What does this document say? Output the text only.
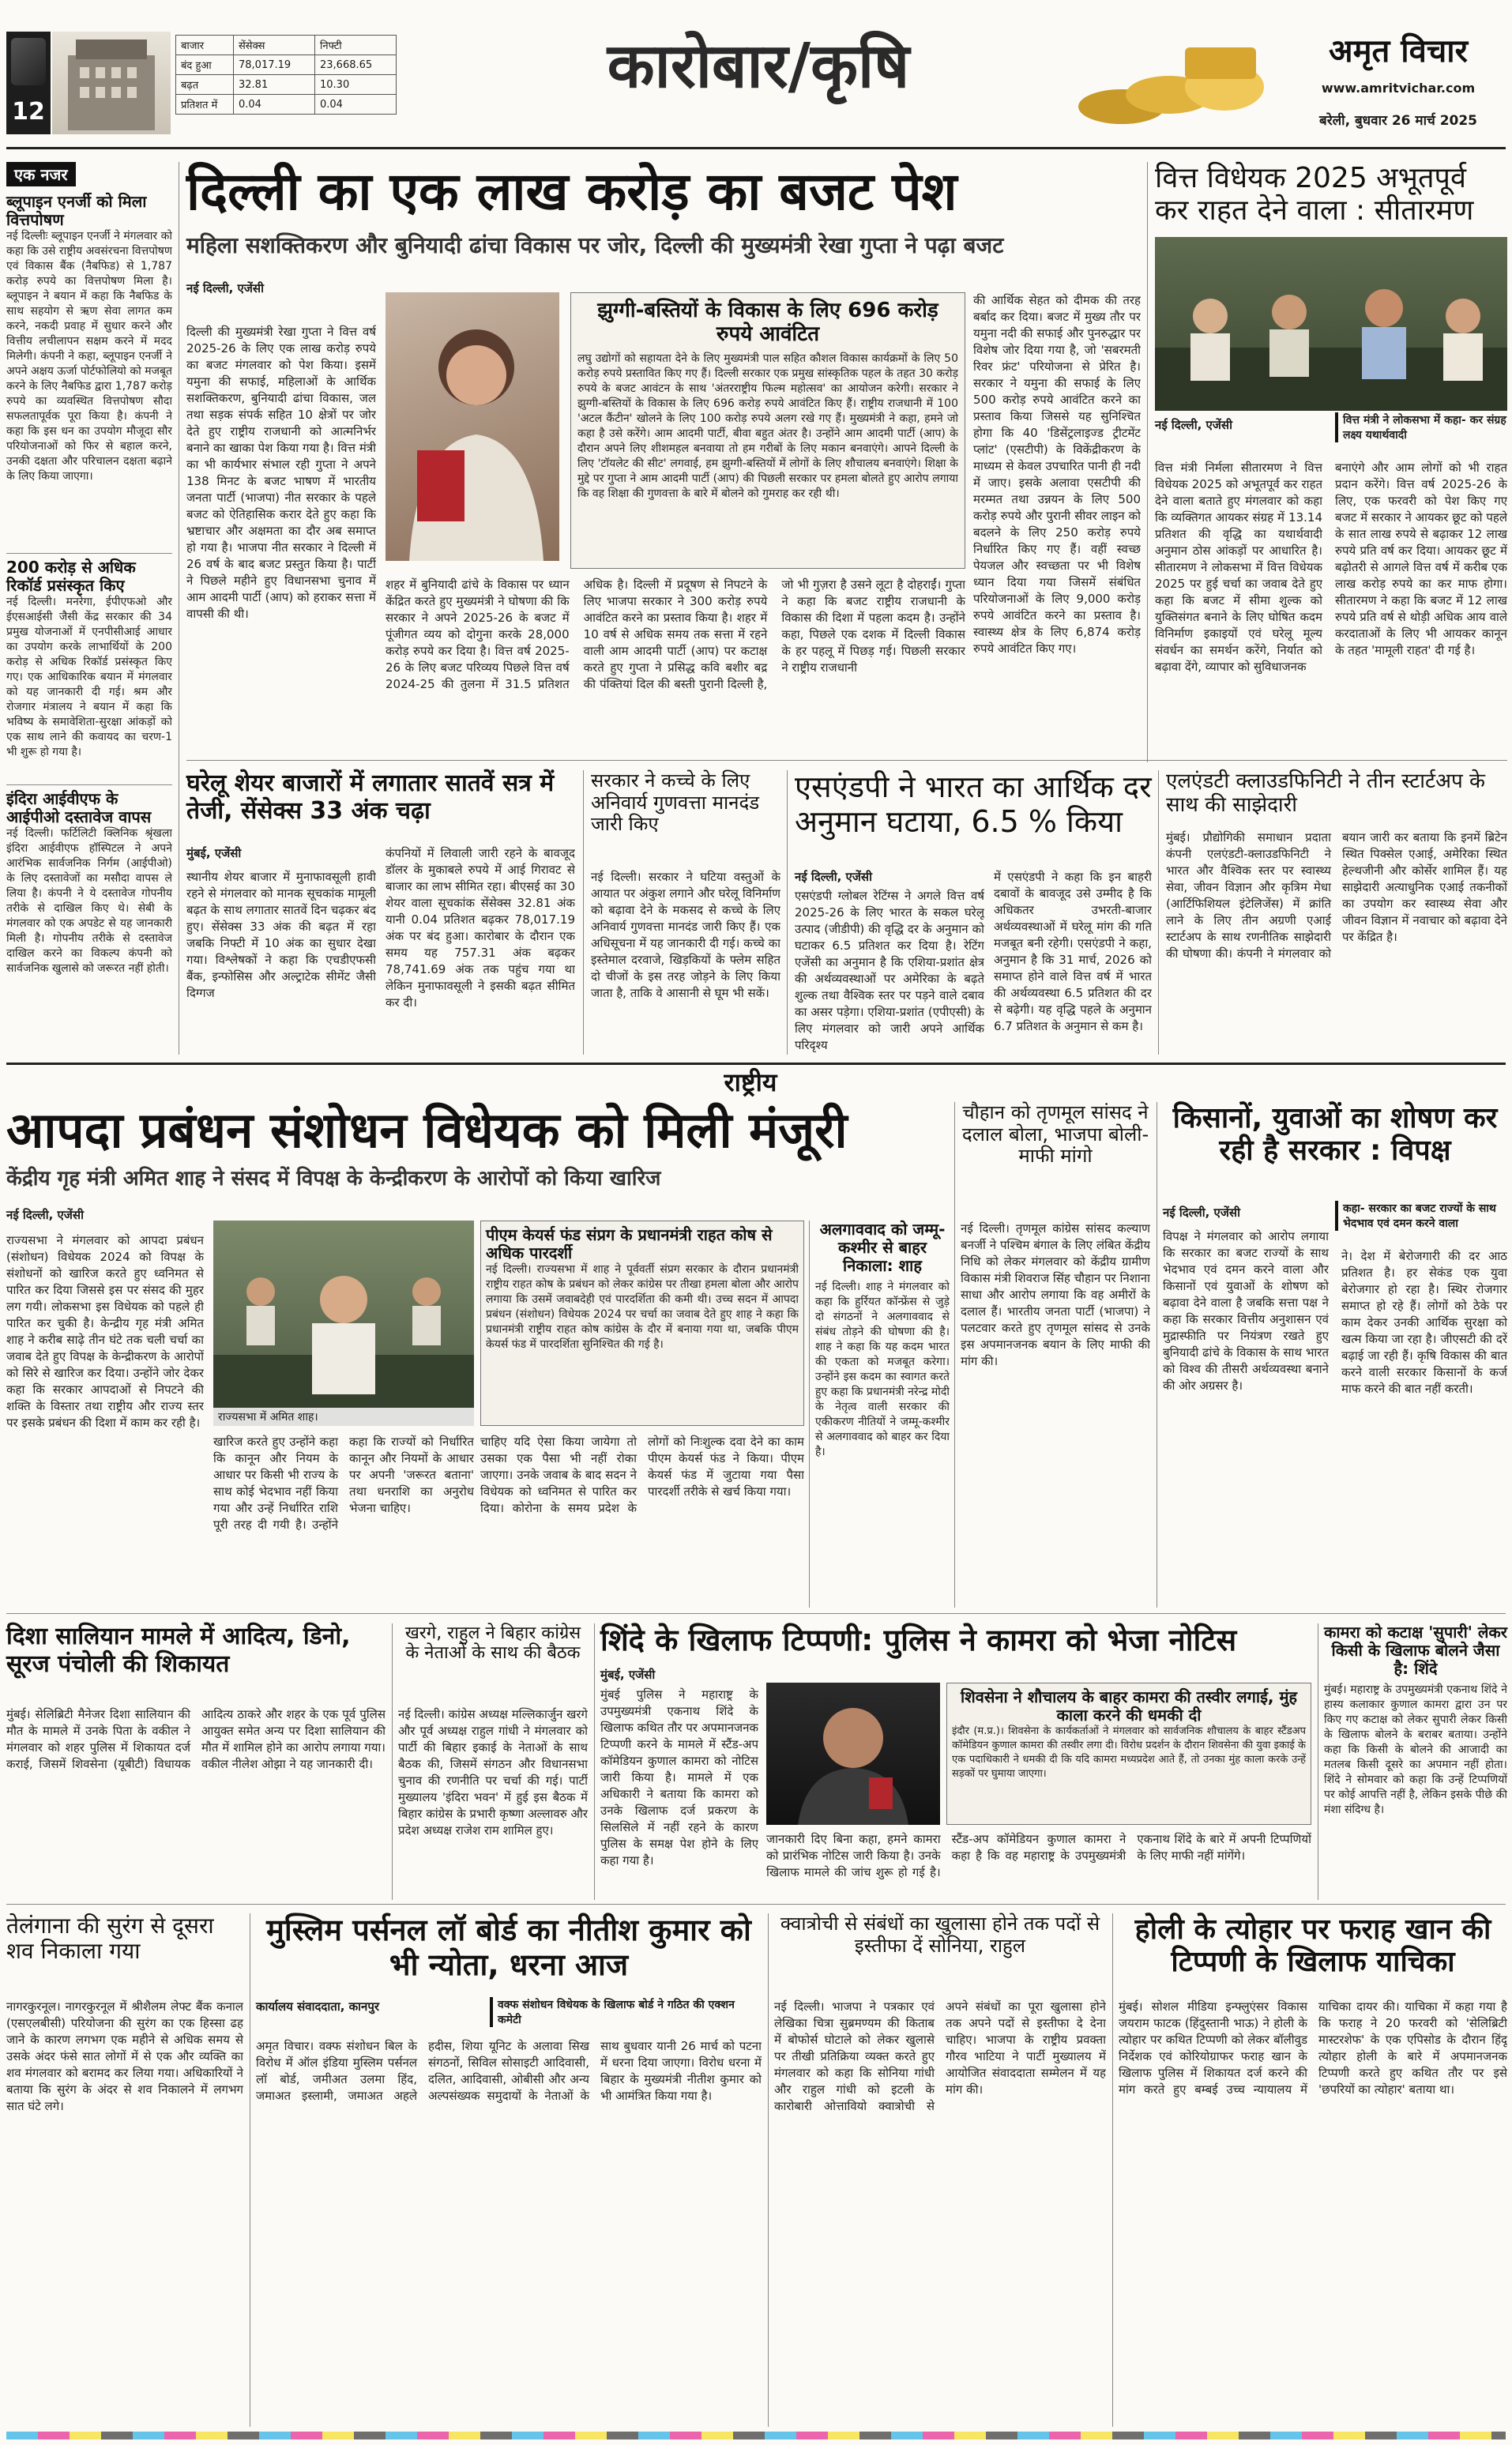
12
बाजार	सेंसेक्स	निफ्टी
बंद हुआ	78,017.19	23,668.65
बढ़त	32.81	10.30
प्रतिशत में	0.04	0.04
कारोबार/कृषि	अमृत विचार
www.amritvichar.com
बरेली, बुधवार 26 मार्च 2025
एक नजर
ब्लूपाइन एनर्जी को मिला वित्तपोषण
नई दिल्लीः ब्लूपाइन एनर्जी ने मंगलवार को कहा कि उसे राष्ट्रीय अवसंरचना वित्तपोषण एवं विकास बैंक (नैबफिड) से 1,787 करोड़ रुपये का वित्तपोषण मिला है। ब्लूपाइन ने बयान में कहा कि नैबफिड के साथ सहयोग से ऋण सेवा लागत कम करने, नकदी प्रवाह में सुधार करने और वित्तीय लचीलापन सक्षम करने में मदद मिलेगी। कंपनी ने कहा, ब्लूपाइन एनर्जी ने अपने अक्षय ऊर्जा पोर्टफोलियो को मजबूत करने के लिए नैबफिड द्वारा 1,787 करोड़ रुपये का व्यवस्थित वित्तपोषण सौदा सफलतापूर्वक पूरा किया है। कंपनी ने कहा कि इस धन का उपयोग मौजूदा सौर परियोजनाओं को फिर से बहाल करने, उनकी दक्षता और परिचालन दक्षता बढ़ाने के लिए किया जाएगा।
200 करोड़ से अधिक रिकॉर्ड प्रसंस्कृत किए
नई दिल्ली। मनरेगा, ईपीएफओ और ईएसआईसी जैसी केंद्र सरकार की 34 प्रमुख योजनाओं में एनपीसीआई आधार का उपयोग करके लाभार्थियों के 200 करोड़ से अधिक रिकॉर्ड प्रसंस्कृत किए गए। एक आधिकारिक बयान में मंगलवार को यह जानकारी दी गई। श्रम और रोजगार मंत्रालय ने बयान में कहा कि भविष्य के समावेशिता-सुरक्षा आंकड़ों को एक साथ लाने की कवायद का चरण-1 भी शुरू हो गया है।
इंदिरा आईवीएफ के आईपीओ दस्तावेज वापस
नई दिल्ली। फर्टिलिटी क्लिनिक श्रृंखला इंदिरा आईवीएफ हॉस्पिटल ने अपने आरंभिक सार्वजनिक निर्गम (आईपीओ) के लिए दस्तावेजों का मसौदा वापस ले लिया है। कंपनी ने ये दस्तावेज गोपनीय तरीके से दाखिल किए थे। सेबी के मंगलवार को एक अपडेट से यह जानकारी मिली है। गोपनीय तरीके से दस्तावेज दाखिल करने का विकल्प कंपनी को सार्वजनिक खुलासे को जरूरत नहीं होती।
दिल्ली का एक लाख करोड़ का बजट पेश
महिला सशक्तिकरण और बुनियादी ढांचा विकास पर जोर, दिल्ली की मुख्यमंत्री रेखा गुप्ता ने पढ़ा बजट
नई दिल्ली, एजेंसी
दिल्ली की मुख्यमंत्री रेखा गुप्ता ने वित्त वर्ष 2025-26 के लिए एक लाख करोड़ रुपये का बजट मंगलवार को पेश किया। इसमें यमुना की सफाई, महिलाओं के आर्थिक सशक्तिकरण, बुनियादी ढांचा विकास, जल तथा सड़क संपर्क सहित 10 क्षेत्रों पर जोर देते हुए राष्ट्रीय राजधानी को आत्मनिर्भर बनाने का खाका पेश किया गया है। वित्त मंत्री का भी कार्यभार संभाल रही गुप्ता ने अपने 138 मिनट के बजट भाषण में भारतीय जनता पार्टी (भाजपा) नीत सरकार के पहले बजट को ऐतिहासिक करार देते हुए कहा कि भ्रष्टाचार और अक्षमता का दौर अब समाप्त हो गया है। भाजपा नीत सरकार ने दिल्ली में 26 वर्ष के बाद बजट प्रस्तुत किया है। पार्टी ने पिछले महीने हुए विधानसभा चुनाव में आम आदमी पार्टी (आप) को हराकर सत्ता में वापसी की थी।
झुग्गी-बस्तियों के विकास के लिए 696 करोड़ रुपये आवंटित
लघु उद्योगों को सहायता देने के लिए मुख्यमंत्री पाल सहित कौशल विकास कार्यक्रमों के लिए 50 करोड़ रुपये प्रस्तावित किए गए हैं। दिल्ली सरकार एक प्रमुख सांस्कृतिक पहल के तहत 30 करोड़ रुपये के बजट आवंटन के साथ 'अंतरराष्ट्रीय फिल्म महोत्सव' का आयोजन करेगी। सरकार ने झुग्गी-बस्तियों के विकास के लिए 696 करोड़ रुपये आवंटित किए हैं। राष्ट्रीय राजधानी में 100 'अटल कैंटीन' खोलने के लिए 100 करोड़ रुपये अलग रखे गए हैं। मुख्यमंत्री ने कहा, हमने जो कहा है उसे करेंगे। आम आदमी पार्टी, बीवा बहुत अंतर है। उन्होंने आम आदमी पार्टी (आप) के दौरान अपने लिए शीशमहल बनवाया तो हम गरीबों के लिए मकान बनवाएंगे। आपने दिल्ली के लिए 'टॉयलेट की सीट' लगवाई, हम झुग्गी-बस्तियों में लोगों के लिए शौचालय बनवाएंगे। शिक्षा के मुद्दे पर गुप्ता ने आम आदमी पार्टी (आप) की पिछली सरकार पर हमला बोलते हुए आरोप लगाया कि वह शिक्षा की गुणवत्ता के बारे में बोलने को गुमराह कर रही थी।
शहर में बुनियादी ढांचे के विकास पर ध्यान केंद्रित करते हुए मुख्यमंत्री ने घोषणा की कि सरकार ने अपने 2025-26 के बजट में पूंजीगत व्यय को दोगुना करके 28,000 करोड़ रुपये कर दिया है। वित्त वर्ष 2025-26 के लिए बजट परिव्यय पिछले वित्त वर्ष 2024-25 की तुलना में 31.5 प्रतिशत अधिक है। दिल्ली में प्रदूषण से निपटने के लिए भाजपा सरकार ने 300 करोड़ रुपये आवंटित करने का प्रस्ताव किया है। शहर में 10 वर्ष से अधिक समय तक सत्ता में रहने वाली आम आदमी पार्टी (आप) पर कटाक्ष करते हुए गुप्ता ने प्रसिद्ध कवि बशीर बद्र की पंक्तियां दिल की बस्ती पुरानी दिल्ली है, जो भी गुज़रा है उसने लूटा है दोहराईं। गुप्ता ने कहा कि बजट राष्ट्रीय राजधानी के विकास की दिशा में पहला कदम है। उन्होंने कहा, पिछले एक दशक में दिल्ली विकास के हर पहलू में पिछड़ गई। पिछली सरकार ने राष्ट्रीय राजधानी
की आर्थिक सेहत को दीमक की तरह बर्बाद कर दिया। बजट में मुख्य तौर पर यमुना नदी की सफाई और पुनरुद्धार पर विशेष जोर दिया गया है, जो 'सबरमती रिवर फ्रंट' परियोजना से प्रेरित है। सरकार ने यमुना की सफाई के लिए 500 करोड़ रुपये आवंटित करने का प्रस्ताव किया जिससे यह सुनिश्चित होगा कि 40 'डिसेंट्रलाइज्ड ट्रीटमेंट प्लांट' (एसटीपी) के विकेंद्रीकरण के माध्यम से केवल उपचारित पानी ही नदी में जाए। इसके अलावा एसटीपी की मरम्मत तथा उन्नयन के लिए 500 करोड़ रुपये और पुरानी सीवर लाइन को बदलने के लिए 250 करोड़ रुपये निर्धारित किए गए हैं। वहीं स्वच्छ पेयजल और स्वच्छता पर भी विशेष ध्यान दिया गया जिसमें संबंधित परियोजनाओं के लिए 9,000 करोड़ रुपये आवंटित करने का प्रस्ताव है। स्वास्थ्य क्षेत्र के लिए 6,874 करोड़ रुपये आवंटित किए गए।
वित्त विधेयक 2025 अभूतपूर्व कर राहत देने वाला : सीतारमण
नई दिल्ली, एजेंसी	वित्त मंत्री ने लोकसभा में कहा- कर संग्रह लक्ष्य यथार्थवादी
वित्त मंत्री निर्मला सीतारमण ने वित्त विधेयक 2025 को अभूतपूर्व कर राहत देने वाला बताते हुए मंगलवार को कहा कि व्यक्तिगत आयकर संग्रह में 13.14 प्रतिशत की वृद्धि का यथार्थवादी अनुमान ठोस आंकड़ों पर आधारित है। सीतारमण ने लोकसभा में वित्त विधेयक 2025 पर हुई चर्चा का जवाब देते हुए कहा कि बजट में सीमा शुल्क को युक्तिसंगत बनाने के लिए घोषित कदम विनिर्माण इकाइयों एवं घरेलू मूल्य संवर्धन का समर्थन करेंगे, निर्यात को बढ़ावा देंगे, व्यापार को सुविधाजनक
बनाएंगे और आम लोगों को भी राहत प्रदान करेंगे। वित्त वर्ष 2025-26 के लिए, एक फरवरी को पेश किए गए बजट में सरकार ने आयकर छूट को पहले के सात लाख रुपये से बढ़ाकर 12 लाख रुपये प्रति वर्ष कर दिया। आयकर छूट में बढ़ोतरी से आगले वित्त वर्ष में करीब एक लाख करोड़ रुपये का कर माफ होगा। सीतारमण ने कहा कि बजट में 12 लाख रुपये प्रति वर्ष से थोड़ी अधिक आय वाले करदाताओं के लिए भी आयकर कानून के तहत 'मामूली राहत' दी गई है।
घरेलू शेयर बाजारों में लगातार सातवें सत्र में तेजी, सेंसेक्स 33 अंक चढ़ा
मुंबई, एजेंसी
स्थानीय शेयर बाजार में मुनाफावसूली हावी रहने से मंगलवार को मानक सूचकांक मामूली बढ़त के साथ लगातार सातवें दिन चढ़कर बंद हुए। सेंसेक्स 33 अंक की बढ़त में रहा जबकि निफ्टी में 10 अंक का सुधार देखा गया। विश्लेषकों ने कहा कि एचडीएफसी बैंक, इन्फोसिस और अल्ट्राटेक सीमेंट जैसी दिग्गज
कंपनियों में लिवाली जारी रहने के बावजूद डॉलर के मुकाबले रुपये में आई गिरावट से बाजार का लाभ सीमित रहा। बीएसई का 30 शेयर वाला सूचकांक सेंसेक्स 32.81 अंक यानी 0.04 प्रतिशत बढ़कर 78,017.19 अंक पर बंद हुआ। कारोबार के दौरान एक समय यह 757.31 अंक बढ़कर 78,741.69 अंक तक पहुंच गया था लेकिन मुनाफावसूली ने इसकी बढ़त सीमित कर दी।
सरकार ने कच्चे के लिए अनिवार्य गुणवत्ता मानदंड जारी किए
नई दिल्ली। सरकार ने घटिया वस्तुओं के आयात पर अंकुश लगाने और घरेलू विनिर्माण को बढ़ावा देने के मकसद से कच्चे के लिए अनिवार्य गुणवत्ता मानदंड जारी किए हैं। एक अधिसूचना में यह जानकारी दी गई। कच्चे का इस्तेमाल दरवाजे, खिड़कियों के फ्लेम सहित दो चीजों के इस तरह जोड़ने के लिए किया जाता है, ताकि वे आसानी से घूम भी सकें।
एसएंडपी ने भारत का आर्थिक दर अनुमान घटाया, 6.5 % किया
नई दिल्ली, एजेंसी
एसएंडपी ग्लोबल रेटिंग्स ने अगले वित्त वर्ष 2025-26 के लिए भारत के सकल घरेलू उत्पाद (जीडीपी) की वृद्धि दर के अनुमान को घटाकर 6.5 प्रतिशत कर दिया है। रेटिंग एजेंसी का अनुमान है कि एशिया-प्रशांत क्षेत्र की अर्थव्यवस्थाओं पर अमेरिका के बढ़ते शुल्क तथा वैश्विक स्तर पर पड़ने वाले दबाव का असर पड़ेगा। एशिया-प्रशांत (एपीएसी) के लिए मंगलवार को जारी अपने आर्थिक परिदृश्य
में एसएंडपी ने कहा कि इन बाहरी दबावों के बावजूद उसे उम्मीद है कि अधिकतर उभरती-बाजार अर्थव्यवस्थाओं में घरेलू मांग की गति मजबूत बनी रहेगी। एसएंडपी ने कहा, अनुमान है कि 31 मार्च, 2026 को समाप्त होने वाले वित्त वर्ष में भारत की अर्थव्यवस्था 6.5 प्रतिशत की दर से बढ़ेगी। यह वृद्धि पहले के अनुमान 6.7 प्रतिशत के अनुमान से कम है।
एलएंडटी क्लाउडफिनिटी ने तीन स्टार्टअप के साथ की साझेदारी
मुंबई। प्रौद्योगिकी समाधान प्रदाता कंपनी एलएंडटी-क्लाउडफिनिटी ने भारत और वैश्विक स्तर पर स्वास्थ्य सेवा, जीवन विज्ञान और कृत्रिम मेधा (आर्टिफिशियल इंटेलिजेंस) में क्रांति लाने के लिए तीन अग्रणी एआई स्टार्टअप के साथ रणनीतिक साझेदारी की घोषणा की। कंपनी ने मंगलवार को बयान जारी कर बताया कि इनमें ब्रिटेन स्थित पिक्सेल एआई, अमेरिका स्थित हेल्थजीनी और कोर्सेर शामिल हैं। यह साझेदारी अत्याधुनिक एआई तकनीकों का उपयोग कर स्वास्थ्य सेवा और जीवन विज्ञान में नवाचार को बढ़ावा देने पर केंद्रित है।
राष्ट्रीय
आपदा प्रबंधन संशोधन विधेयक को मिली मंजूरी
केंद्रीय गृह मंत्री अमित शाह ने संसद में विपक्ष के केन्द्रीकरण के आरोपों को किया खारिज
नई दिल्ली, एजेंसी
राज्यसभा ने मंगलवार को आपदा प्रबंधन (संशोधन) विधेयक 2024 को विपक्ष के संशोधनों को खारिज करते हुए ध्वनिमत से पारित कर दिया जिससे इस पर संसद की मुहर लग गयी। लोकसभा इस विधेयक को पहले ही पारित कर चुकी है। केन्द्रीय गृह मंत्री अमित शाह ने करीब साढ़े तीन घंटे तक चली चर्चा का जवाब देते हुए विपक्ष के केन्द्रीकरण के आरोपों को सिरे से खारिज कर दिया। उन्होंने जोर देकर कहा कि सरकार आपदाओं से निपटने की शक्ति के विस्तार तथा राष्ट्रीय और राज्य स्तर पर इसके प्रबंधन की दिशा में काम कर रही है।	राज्यसभा में अमित शाह।
पीएम केयर्स फंड संप्रग के प्रधानमंत्री राहत कोष से अधिक पारदर्शी
नई दिल्ली। राज्यसभा में शाह ने पूर्ववर्ती संप्रग सरकार के दौरान प्रधानमंत्री राष्ट्रीय राहत कोष के प्रबंधन को लेकर कांग्रेस पर तीखा हमला बोला और आरोप लगाया कि उसमें जवाबदेही एवं पारदर्शिता की कमी थी। उच्च सदन में आपदा प्रबंधन (संशोधन) विधेयक 2024 पर चर्चा का जवाब देते हुए शाह ने कहा कि प्रधानमंत्री राष्ट्रीय राहत कोष कांग्रेस के दौर में बनाया गया था, जबकि पीएम केयर्स फंड में पारदर्शिता सुनिश्चित की गई है।
खारिज करते हुए उन्होंने कहा कि कानून और नियम के आधार पर किसी भी राज्य के साथ कोई भेदभाव नहीं किया गया और उन्हें निर्धारित राशि पूरी तरह दी गयी है। उन्होंने कहा कि राज्यों को निर्धारित कानून और नियमों के आधार पर अपनी 'जरूरत बताना' तथा धनराशि का अनुरोध भेजना चाहिए।
चाहिए यदि ऐसा किया जायेगा तो उसका एक पैसा भी नहीं रोका जाएगा। उनके जवाब के बाद सदन ने विधेयक को ध्वनिमत से पारित कर दिया। कोरोना के समय प्रदेश के लोगों को निःशुल्क दवा देने का काम पीएम केयर्स फंड ने किया। पीएम केयर्स फंड में जुटाया गया पैसा पारदर्शी तरीके से खर्च किया गया।
अलगाववाद को जम्मू-कश्मीर से बाहर निकाला: शाह
नई दिल्ली। शाह ने मंगलवार को कहा कि हुर्रियत कॉन्फ्रेंस से जुड़े दो संगठनों ने अलगाववाद से संबंध तोड़ने की घोषणा की है। शाह ने कहा कि यह कदम भारत की एकता को मजबूत करेगा। उन्होंने इस कदम का स्वागत करते हुए कहा कि प्रधानमंत्री नरेन्द्र मोदी के नेतृत्व वाली सरकार की एकीकरण नीतियों ने जम्मू-कश्मीर से अलगाववाद को बाहर कर दिया है।
चौहान को तृणमूल सांसद ने दलाल बोला, भाजपा बोली- माफी मांगो
नई दिल्ली। तृणमूल कांग्रेस सांसद कल्याण बनर्जी ने पश्चिम बंगाल के लिए लंबित केंद्रीय निधि को लेकर मंगलवार को केंद्रीय ग्रामीण विकास मंत्री शिवराज सिंह चौहान पर निशाना साधा और आरोप लगाया कि वह अमीरों के दलाल हैं। भारतीय जनता पार्टी (भाजपा) ने पलटवार करते हुए तृणमूल सांसद से उनके इस अपमानजनक बयान के लिए माफी की मांग की।
किसानों, युवाओं का शोषण कर रही है सरकार : विपक्ष
नई दिल्ली, एजेंसी	कहा- सरकार का बजट राज्यों के साथ भेदभाव एवं दमन करने वाला
विपक्ष ने मंगलवार को आरोप लगाया कि सरकार का बजट राज्यों के साथ भेदभाव एवं दमन करने वाला और किसानों एवं युवाओं के शोषण को बढ़ावा देने वाला है जबकि सत्ता पक्ष ने कहा कि सरकार वित्तीय अनुशासन एवं मुद्रास्फीति पर नियंत्रण रखते हुए बुनियादी ढांचे के विकास के साथ भारत को विश्व की तीसरी अर्थव्यवस्था बनाने की ओर अग्रसर है।
ने। देश में बेरोजगारी की दर आठ प्रतिशत है। हर सेकंड एक युवा बेरोजगार हो रहा है। स्थिर रोजगार समाप्त हो रहे हैं। लोगों को ठेके पर काम देकर उनकी आर्थिक सुरक्षा को खत्म किया जा रहा है। जीएसटी की दरें बढ़ाई जा रही हैं। कृषि विकास की बात करने वाली सरकार किसानों के कर्ज माफ करने की बात नहीं करती।
दिशा सालियान मामले में आदित्य, डिनो, सूरज पंचोली की शिकायत
मुंबई। सेलिब्रिटी मैनेजर दिशा सालियान की मौत के मामले में उनके पिता के वकील ने मंगलवार को शहर पुलिस में शिकायत दर्ज कराई, जिसमें शिवसेना (यूबीटी) विधायक आदित्य ठाकरे और शहर के एक पूर्व पुलिस आयुक्त समेत अन्य पर दिशा सालियान की मौत में शामिल होने का आरोप लगाया गया। वकील नीलेश ओझा ने यह जानकारी दी।
खरगे, राहुल ने बिहार कांग्रेस के नेताओं के साथ की बैठक
नई दिल्ली। कांग्रेस अध्यक्ष मल्लिकार्जुन खरगे और पूर्व अध्यक्ष राहुल गांधी ने मंगलवार को पार्टी की बिहार इकाई के नेताओं के साथ बैठक की, जिसमें संगठन और विधानसभा चुनाव की रणनीति पर चर्चा की गई। पार्टी मुख्यालय 'इंदिरा भवन' में हुई इस बैठक में बिहार कांग्रेस के प्रभारी कृष्णा अल्लावरु और प्रदेश अध्यक्ष राजेश राम शामिल हुए।
शिंदे के खिलाफ टिप्पणी: पुलिस ने कामरा को भेजा नोटिस
मुंबई, एजेंसी
मुंबई पुलिस ने महाराष्ट्र के उपमुख्यमंत्री एकनाथ शिंदे के खिलाफ कथित तौर पर अपमानजनक टिप्पणी करने के मामले में स्टैंड-अप कॉमेडियन कुणाल कामरा को नोटिस जारी किया है। मामले में एक अधिकारी ने बताया कि कामरा को उनके खिलाफ दर्ज प्रकरण के सिलसिले में नहीं रहने के कारण पुलिस के समक्ष पेश होने के लिए कहा गया है।
शिवसेना ने शौचालय के बाहर कामरा की तस्वीर लगाई, मुंह काला करने की धमकी दी
इंदौर (म.प्र.)। शिवसेना के कार्यकर्ताओं ने मंगलवार को सार्वजनिक शौचालय के बाहर स्टैंडअप कॉमेडियन कुणाल कामरा की तस्वीर लगा दी। विरोध प्रदर्शन के दौरान शिवसेना की युवा इकाई के एक पदाधिकारी ने धमकी दी कि यदि कामरा मध्यप्रदेश आते हैं, तो उनका मुंह काला करके उन्हें सड़कों पर घुमाया जाएगा।
जानकारी दिए बिना कहा, हमने कामरा को प्रारंभिक नोटिस जारी किया है। उनके खिलाफ मामले की जांच शुरू हो गई है। स्टैंड-अप कॉमेडियन कुणाल कामरा ने कहा है कि वह महाराष्ट्र के उपमुख्यमंत्री एकनाथ शिंदे के बारे में अपनी टिप्पणियों के लिए माफी नहीं मांगेंगे।
कामरा को कटाक्ष 'सुपारी' लेकर किसी के खिलाफ बोलने जैसा है: शिंदे
मुंबई। महाराष्ट्र के उपमुख्यमंत्री एकनाथ शिंदे ने हास्य कलाकार कुणाल कामरा द्वारा उन पर किए गए कटाक्ष को लेकर सुपारी लेकर किसी के खिलाफ बोलने के बराबर बताया। उन्होंने कहा कि किसी के बोलने की आजादी का मतलब किसी दूसरे का अपमान नहीं होता। शिंदे ने सोमवार को कहा कि उन्हें टिप्पणियों पर कोई आपत्ति नहीं है, लेकिन इसके पीछे की मंशा संदिग्ध है।
तेलंगाना की सुरंग से दूसरा शव निकाला गया
नागरकुरनूल। नागरकुरनूल में श्रीशैलम लेफ्ट बैंक कनाल (एसएलबीसी) परियोजना की सुरंग का एक हिस्सा ढह जाने के कारण लगभग एक महीने से अधिक समय से उसके अंदर फंसे सात लोगों में से एक और व्यक्ति का शव मंगलवार को बरामद कर लिया गया। अधिकारियों ने बताया कि सुरंग के अंदर से शव निकालने में लगभग सात घंटे लगे।
मुस्लिम पर्सनल लॉ बोर्ड का नीतीश कुमार को भी न्योता, धरना आज
कार्यालय संवाददाता, कानपुर	वक्फ संशोधन विधेयक के खिलाफ बोर्ड ने गठित की एक्शन कमेटी
अमृत विचार। वक्फ संशोधन बिल के विरोध में ऑल इंडिया मुस्लिम पर्सनल लॉ बोर्ड, जमीअत उलमा हिंद, जमाअत इस्लामी, जमाअत अहले हदीस, शिया यूनिट के अलावा सिख संगठनों, सिविल सोसाइटी आदिवासी, दलित, आदिवासी, ओबीसी और अन्य अल्पसंख्यक समुदायों के नेताओं के साथ बुधवार यानी 26 मार्च को पटना में धरना दिया जाएगा। विरोध धरना में बिहार के मुख्यमंत्री नीतीश कुमार को भी आमंत्रित किया गया है।
क्वात्रोची से संबंधों का खुलासा होने तक पदों से इस्तीफा दें सोनिया, राहुल
नई दिल्ली। भाजपा ने पत्रकार एवं लेखिका चित्रा सुब्रमण्यम की किताब में बोफोर्स घोटाले को लेकर खुलासे पर तीखी प्रतिक्रिया व्यक्त करते हुए मंगलवार को कहा कि सोनिया गांधी और राहुल गांधी को इटली के कारोबारी ओत्तावियो क्वात्रोची से अपने संबंधों का पूरा खुलासा होने तक अपने पदों से इस्तीफा दे देना चाहिए। भाजपा के राष्ट्रीय प्रवक्ता गौरव भाटिया ने पार्टी मुख्यालय में आयोजित संवाददाता सम्मेलन में यह मांग की।
होली के त्योहार पर फराह खान की टिप्पणी के खिलाफ याचिका
मुंबई। सोशल मीडिया इन्फ्लुएंसर विकास जयराम फाटक (हिंदुस्तानी भाऊ) ने होली के त्योहार पर कथित टिप्पणी को लेकर बॉलीवुड निर्देशक एवं कोरियोग्राफर फराह खान के खिलाफ पुलिस में शिकायत दर्ज करने की मांग करते हुए बम्बई उच्च न्यायालय में याचिका दायर की। याचिका में कहा गया है कि फराह ने 20 फरवरी को 'सेलिब्रिटी मास्टरशेफ' के एक एपिसोड के दौरान हिंदू त्योहार होली के बारे में अपमानजनक टिप्पणी करते हुए कथित तौर पर इसे 'छपरियों का त्योहार' बताया था।
